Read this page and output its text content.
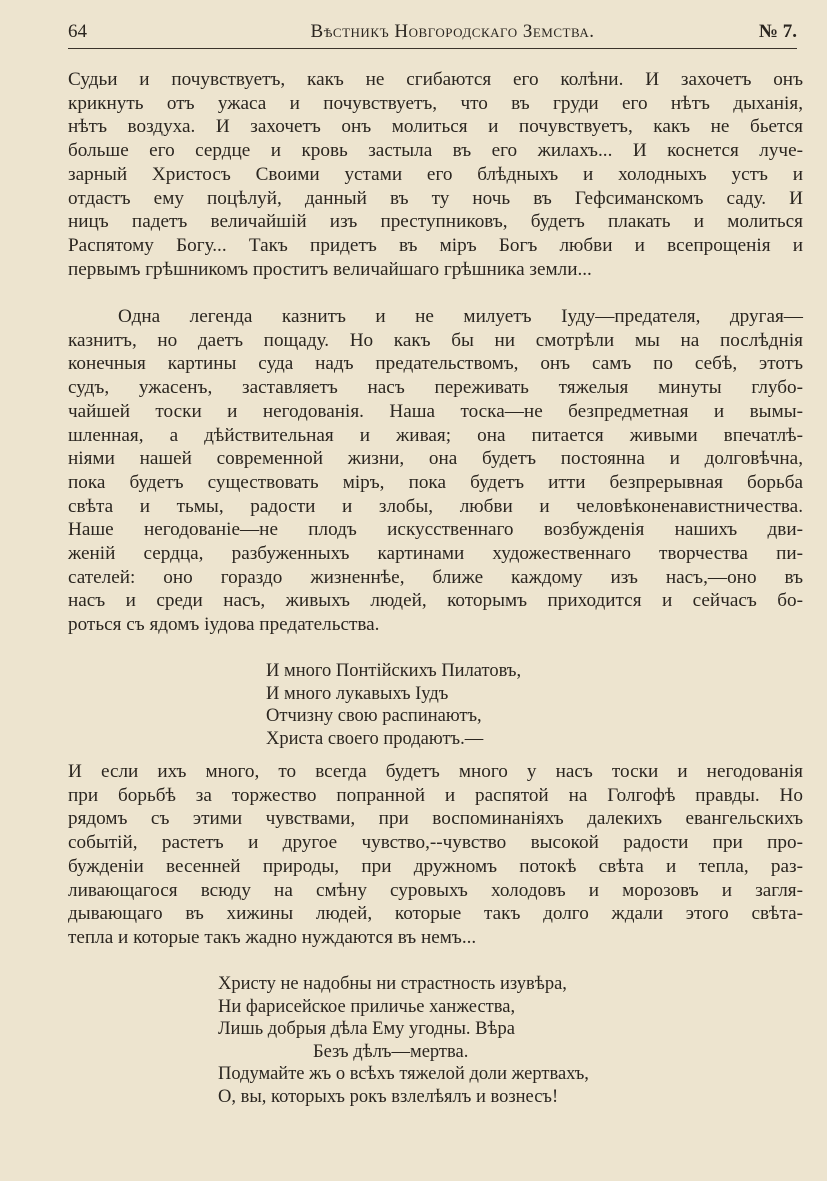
64	Вѣстникъ Новгородскаго Земства.	№ 7.
Судьи и почувствуетъ, какъ не сгибаются его колѣни. И захочетъ онъ
крикнуть отъ ужаса и почувствуетъ, что въ груди его нѣтъ дыханія,
нѣтъ воздуха. И захочетъ онъ молиться и почувствуетъ, какъ не бьется
больше его сердце и кровь застыла въ его жилахъ... И коснется луче-
зарный Христосъ Своими устами его блѣдныхъ и холодныхъ устъ и
отдастъ ему поцѣлуй, данный въ ту ночь въ Гефсиманскомъ саду. И
ницъ падетъ величайшій изъ преступниковъ, будетъ плакать и молиться
Распятому Богу... Такъ придетъ въ міръ Богъ любви и всепрощенія и
первымъ грѣшникомъ проститъ величайшаго грѣшника земли...
Одна легенда казнитъ и не милуетъ Іуду—предателя, другая—
казнитъ, но даетъ пощаду. Но какъ бы ни смотрѣли мы на послѣднія
конечныя картины суда надъ предательствомъ, онъ самъ по себѣ, этотъ
судъ, ужасенъ, заставляетъ насъ переживать тяжелыя минуты глубо-
чайшей тоски и негодованія. Наша тоска—не безпредметная и вымы-
шленная, а дѣйствительная и живая; она питается живыми впечатлѣ-
ніями нашей современной жизни, она будетъ постоянна и долговѣчна,
пока будетъ существовать міръ, пока будетъ итти безпрерывная борьба
свѣта и тьмы, радости и злобы, любви и человѣконенавистничества.
Наше негодованіе—не плодъ искусственнаго возбужденія нашихъ дви-
женій сердца, разбуженныхъ картинами художественнаго творчества пи-
сателей: оно гораздо жизненнѣе, ближе каждому изъ насъ,—оно въ
насъ и среди насъ, живыхъ людей, которымъ приходится и сейчасъ бо-
роться съ ядомъ іудова предательства.
И много Понтійскихъ Пилатовъ,
И много лукавыхъ Іудъ
Отчизну свою распинаютъ,
Христа своего продаютъ.—
И если ихъ много, то всегда будетъ много у насъ тоски и негодованія
при борьбѣ за торжество попранной и распятой на Голгофѣ правды. Но
рядомъ съ этими чувствами, при воспоминаніяхъ далекихъ евангельскихъ
событій, растетъ и другое чувство,--чувство высокой радости при про-
бужденіи весенней природы, при дружномъ потокѣ свѣта и тепла, раз-
ливающагося всюду на смѣну суровыхъ холодовъ и морозовъ и загля-
дывающаго въ хижины людей, которые такъ долго ждали этого свѣта-
тепла и которые такъ жадно нуждаются въ немъ...
Христу не надобны ни страстность изувѣра,
Ни фарисейское приличье ханжества,
Лишь добрыя дѣла Ему угодны. Вѣра
Безъ дѣлъ—мертва.
Подумайте жъ о всѣхъ тяжелой доли жертвахъ,
О, вы, которыхъ рокъ взлелѣялъ и вознесъ!
